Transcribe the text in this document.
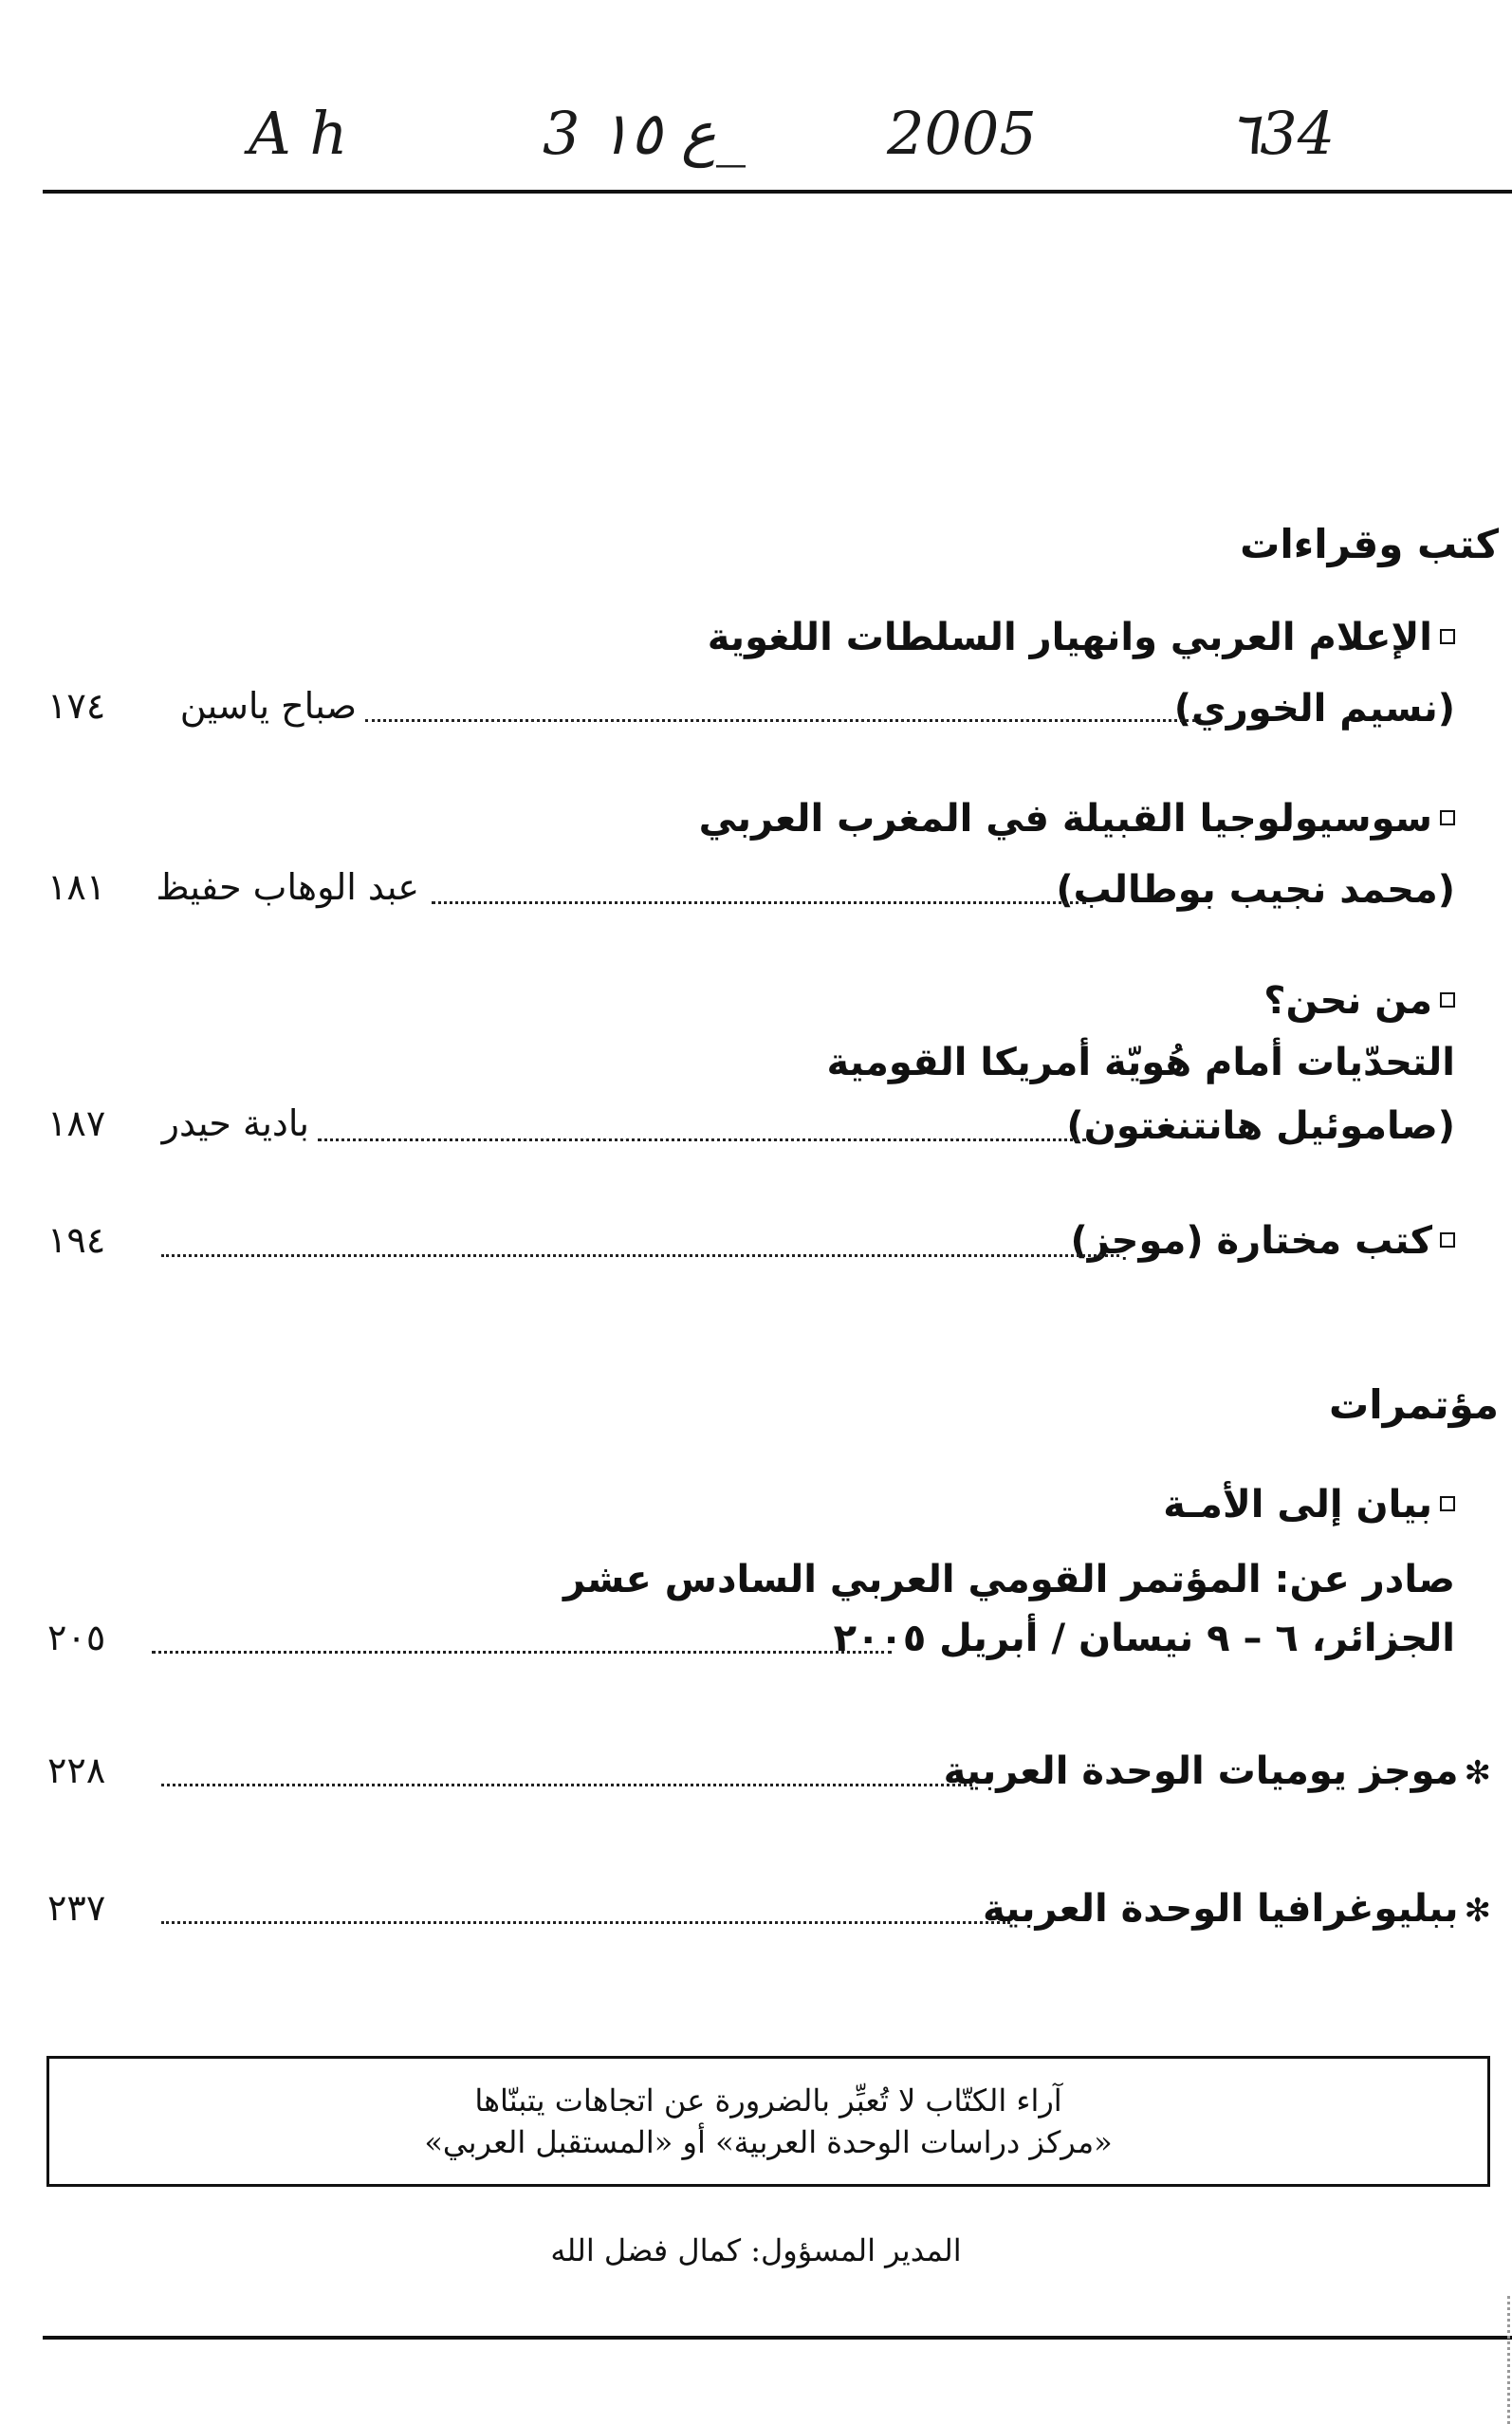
A h	3 ١٥ ع_ 2005	٦34
كتب وقراءات
الإعلام العربي وانهيار السلطات اللغوية
(نسيم الخوري)
صباح ياسين
١٧٤
سوسيولوجيا القبيلة في المغرب العربي
(محمد نجيب بوطالب)
عبد الوهاب حفيظ
١٨١
من نحن؟
التحدّيات أمام هُويّة أمريكا القومية
(صاموئيل هانتنغتون)
بادية حيدر
١٨٧
كتب مختارة (موجز)
١٩٤
مؤتمرات
بيان إلى الأمـة
صادر عن: المؤتمر القومي العربي السادس عشر
الجزائر، ٦ – ٩ نيسان / أبريل ٢٠٠٥
٢٠٥
✻موجز يوميات الوحدة العربية
٢٢٨
✻ببليوغرافيا الوحدة العربية
٢٣٧
آراء الكتّاب لا تُعبِّر بالضرورة عن اتجاهات يتبنّاها
«مركز دراسات الوحدة العربية» أو «المستقبل العربي»
المدير المسؤول: كمال فضل الله
